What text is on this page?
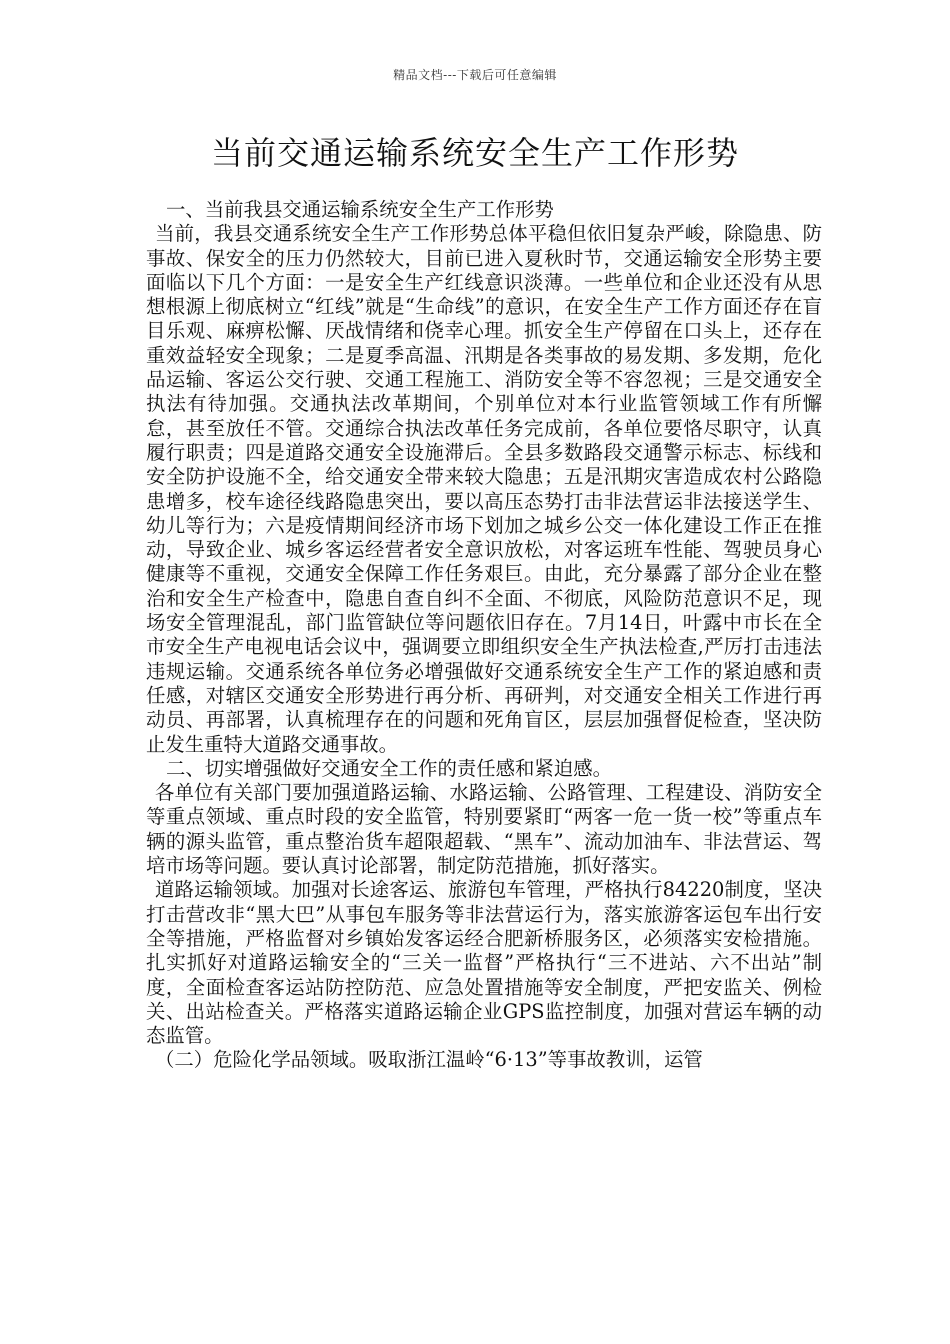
精品文档---下载后可任意编辑
当前交通运输系统安全生产工作形势

一、当前我县交通运输系统安全生产工作形势

当前，我县交通系统安全生产工作形势总体平稳但依旧复杂严峻，除隐患、防事故、保安全的压力仍然较大，目前已进入夏秋时节，交通运输安全形势主要面临以下几个方面：一是安全生产红线意识淡薄。一些单位和企业还没有从思想根源上彻底树立“红线”就是“生命线”的意识，在安全生产工作方面还存在盲目乐观、麻痹松懈、厌战情绪和侥幸心理。抓安全生产停留在口头上，还存在重效益轻安全现象；二是夏季高温、汛期是各类事故的易发期、多发期，危化品运输、客运公交行驶、交通工程施工、消防安全等不容忽视；三是交通安全执法有待加强。交通执法改革期间，个别单位对本行业监管领域工作有所懈怠，甚至放任不管。交通综合执法改革任务完成前，各单位要恪尽职守，认真履行职责；四是道路交通安全设施滞后。全县多数路段交通警示标志、标线和安全防护设施不全，给交通安全带来较大隐患；五是汛期灾害造成农村公路隐患增多，校车途径线路隐患突出，要以高压态势打击非法营运非法接送学生、幼儿等行为；六是疫情期间经济市场下划加之城乡公交一体化建设工作正在推动，导致企业、城乡客运经营者安全意识放松，对客运班车性能、驾驶员身心健康等不重视，交通安全保障工作任务艰巨。由此，充分暴露了部分企业在整治和安全生产检查中，隐患自查自纠不全面、不彻底，风险防范意识不足，现场安全管理混乱，部门监管缺位等问题依旧存在。7月14日，叶露中市长在全市安全生产电视电话会议中，强调要立即组织安全生产执法检查,严厉打击违法违规运输。交通系统各单位务必增强做好交通系统安全生产工作的紧迫感和责任感，对辖区交通安全形势进行再分析、再研判，对交通安全相关工作进行再动员、再部署，认真梳理存在的问题和死角盲区，层层加强督促检查，坚决防止发生重特大道路交通事故。

二、切实增强做好交通安全工作的责任感和紧迫感。

各单位有关部门要加强道路运输、水路运输、公路管理、工程建设、消防安全等重点领域、重点时段的安全监管，特别要紧盯“两客一危一货一校”等重点车辆的源头监管，重点整治货车超限超载、“黑车”、流动加油车、非法营运、驾培市场等问题。要认真讨论部署，制定防范措施，抓好落实。

道路运输领域。加强对长途客运、旅游包车管理，严格执行84220制度，坚决打击营改非“黑大巴”从事包车服务等非法营运行为，落实旅游客运包车出行安全等措施，严格监督对乡镇始发客运经合肥新桥服务区，必须落实安检措施。扎实抓好对道路运输安全的“三关一监督”严格执行“三不进站、六不出站”制度，全面检查客运站防控防范、应急处置措施等安全制度，严把安监关、例检关、出站检查关。严格落实道路运输企业GPS监控制度，加强对营运车辆的动态监管。

（二）危险化学品领域。吸取浙江温岭“6·13”等事故教训，运管
